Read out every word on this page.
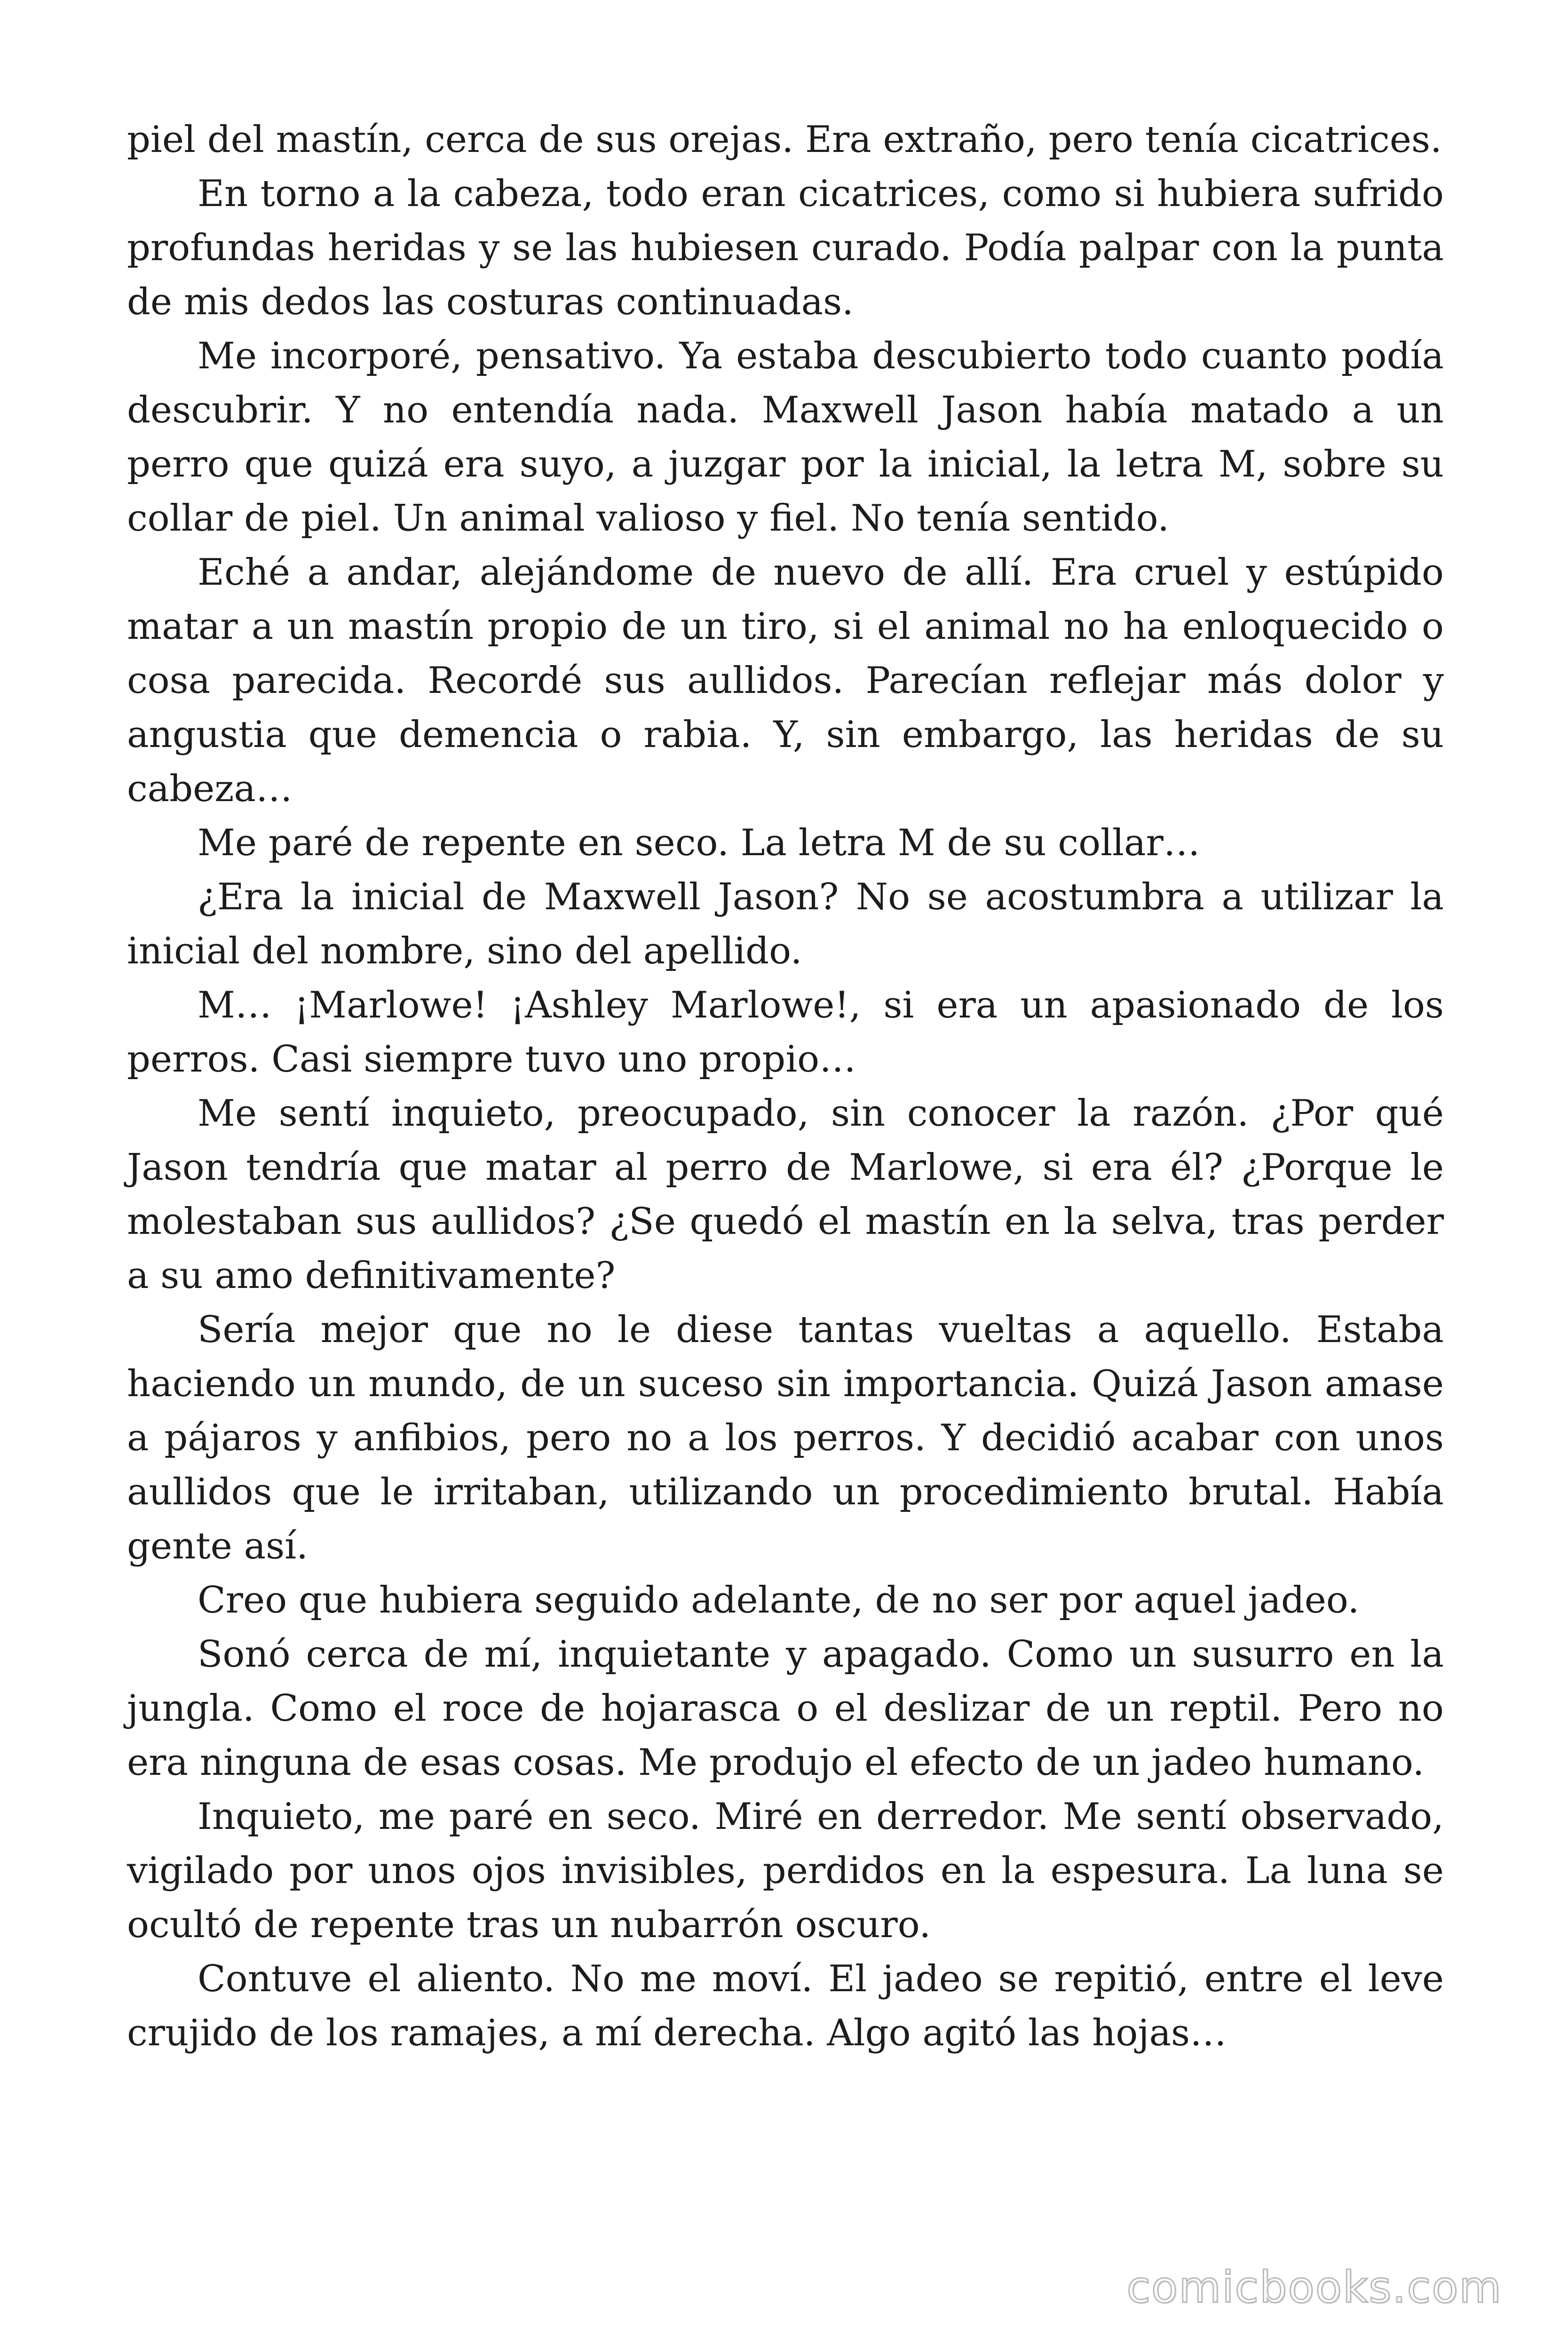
piel del mastín, cerca de sus orejas. Era extraño, pero tenía cicatrices.

En torno a la cabeza, todo eran cicatrices, como si hubiera sufrido profundas heridas y se las hubiesen curado. Podía palpar con la punta de mis dedos las costuras continuadas.

Me incorporé, pensativo. Ya estaba descubierto todo cuanto podía descubrir. Y no entendía nada. Maxwell Jason había matado a un perro que quizá era suyo, a juzgar por la inicial, la letra M, sobre su collar de piel. Un animal valioso y fiel. No tenía sentido.

Eché a andar, alejándome de nuevo de allí. Era cruel y estúpido matar a un mastín propio de un tiro, si el animal no ha enloquecido o cosa parecida. Recordé sus aullidos. Parecían reflejar más dolor y angustia que demencia o rabia. Y, sin embargo, las heridas de su cabeza…

Me paré de repente en seco. La letra M de su collar…

¿Era la inicial de Maxwell Jason? No se acostumbra a utilizar la inicial del nombre, sino del apellido.

M… ¡Marlowe! ¡Ashley Marlowe!, si era un apasionado de los perros. Casi siempre tuvo uno propio…

Me sentí inquieto, preocupado, sin conocer la razón. ¿Por qué Jason tendría que matar al perro de Marlowe, si era él? ¿Porque le molestaban sus aullidos? ¿Se quedó el mastín en la selva, tras perder a su amo definitivamente?

Sería mejor que no le diese tantas vueltas a aquello. Estaba haciendo un mundo, de un suceso sin importancia. Quizá Jason amase a pájaros y anfibios, pero no a los perros. Y decidió acabar con unos aullidos que le irritaban, utilizando un procedimiento brutal. Había gente así.

Creo que hubiera seguido adelante, de no ser por aquel jadeo.

Sonó cerca de mí, inquietante y apagado. Como un susurro en la jungla. Como el roce de hojarasca o el deslizar de un reptil. Pero no era ninguna de esas cosas. Me produjo el efecto de un jadeo humano.

Inquieto, me paré en seco. Miré en derredor. Me sentí observado, vigilado por unos ojos invisibles, perdidos en la espesura. La luna se ocultó de repente tras un nubarrón oscuro.

Contuve el aliento. No me moví. El jadeo se repitió, entre el leve crujido de los ramajes, a mí derecha. Algo agitó las hojas…

comicbooks.com
